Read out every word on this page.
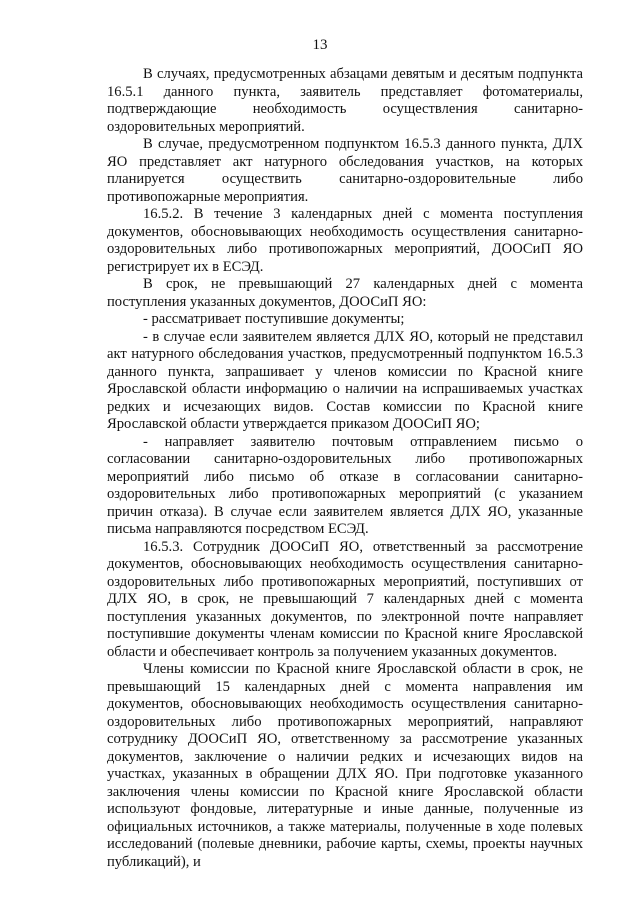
13

В случаях, предусмотренных абзацами девятым и десятым подпункта 16.5.1 данного пункта, заявитель представляет фотоматериалы, подтверждающие необходимость осуществления санитарно-оздоровительных мероприятий.

В случае, предусмотренном подпунктом 16.5.3 данного пункта, ДЛХ ЯО представляет акт натурного обследования участков, на которых планируется осуществить санитарно-оздоровительные либо противопожарные мероприятия.

16.5.2. В течение 3 календарных дней с момента поступления документов, обосновывающих необходимость осуществления санитарно-оздоровительных либо противопожарных мероприятий, ДООСиП ЯО регистрирует их в ЕСЭД.

В срок, не превышающий 27 календарных дней с момента поступления указанных документов, ДООСиП ЯО:

- рассматривает поступившие документы;

- в случае если заявителем является ДЛХ ЯО, который не представил акт натурного обследования участков, предусмотренный подпунктом 16.5.3 данного пункта, запрашивает у членов комиссии по Красной книге Ярославской области информацию о наличии на испрашиваемых участках редких и исчезающих видов. Состав комиссии по Красной книге Ярославской области утверждается приказом ДООСиП ЯО;

- направляет заявителю почтовым отправлением письмо о согласовании санитарно-оздоровительных либо противопожарных мероприятий либо письмо об отказе в согласовании санитарно-оздоровительных либо противопожарных мероприятий (с указанием причин отказа). В случае если заявителем является ДЛХ ЯО, указанные письма направляются посредством ЕСЭД.

16.5.3. Сотрудник ДООСиП ЯО, ответственный за рассмотрение документов, обосновывающих необходимость осуществления санитарно-оздоровительных либо противопожарных мероприятий, поступивших от ДЛХ ЯО, в срок, не превышающий 7 календарных дней с момента поступления указанных документов, по электронной почте направляет поступившие документы членам комиссии по Красной книге Ярославской области и обеспечивает контроль за получением указанных документов.

Члены комиссии по Красной книге Ярославской области в срок, не превышающий 15 календарных дней с момента направления им документов, обосновывающих необходимость осуществления санитарно-оздоровительных либо противопожарных мероприятий, направляют сотруднику ДООСиП ЯО, ответственному за рассмотрение указанных документов, заключение о наличии редких и исчезающих видов на участках, указанных в обращении ДЛХ ЯО. При подготовке указанного заключения члены комиссии по Красной книге Ярославской области используют фондовые, литературные и иные данные, полученные из официальных источников, а также материалы, полученные в ходе полевых исследований (полевые дневники, рабочие карты, схемы, проекты научных публикаций), и
